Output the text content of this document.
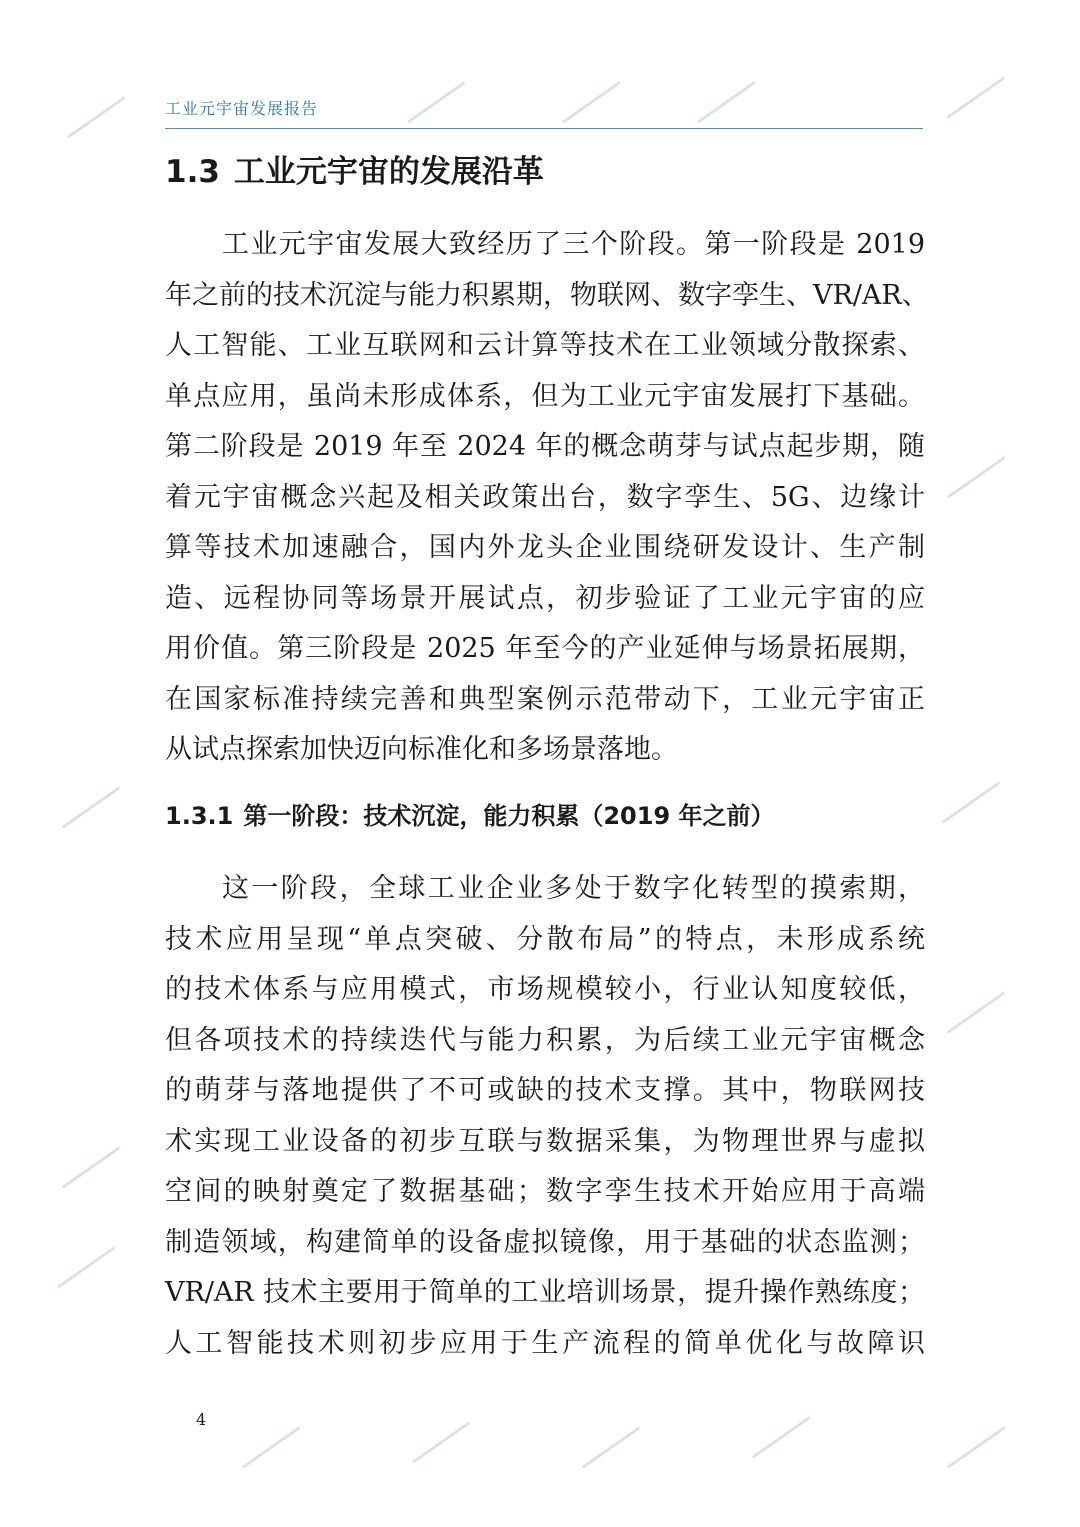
工业元宇宙发展报告
1.3 工业元宇宙的发展沿革
工业元宇宙发展大致经历了三个阶段。第一阶段是 2019
年之前的技术沉淀与能力积累期，物联网、数字孪生、VR/AR、
人工智能、工业互联网和云计算等技术在工业领域分散探索、
单点应用，虽尚未形成体系，但为工业元宇宙发展打下基础。
第二阶段是 2019 年至 2024 年的概念萌芽与试点起步期，随
着元宇宙概念兴起及相关政策出台，数字孪生、5G、边缘计
算等技术加速融合，国内外龙头企业围绕研发设计、生产制
造、远程协同等场景开展试点，初步验证了工业元宇宙的应
用价值。第三阶段是 2025 年至今的产业延伸与场景拓展期，
在国家标准持续完善和典型案例示范带动下，工业元宇宙正
从试点探索加快迈向标准化和多场景落地。
1.3.1 第一阶段：技术沉淀，能力积累（2019 年之前）
这一阶段，全球工业企业多处于数字化转型的摸索期，
技术应用呈现“单点突破、分散布局”的特点，未形成系统
的技术体系与应用模式，市场规模较小，行业认知度较低，
但各项技术的持续迭代与能力积累，为后续工业元宇宙概念
的萌芽与落地提供了不可或缺的技术支撑。其中，物联网技
术实现工业设备的初步互联与数据采集，为物理世界与虚拟
空间的映射奠定了数据基础；数字孪生技术开始应用于高端
制造领域，构建简单的设备虚拟镜像，用于基础的状态监测；
VR/AR 技术主要用于简单的工业培训场景，提升操作熟练度；
人工智能技术则初步应用于生产流程的简单优化与故障识
4
▂▂▂▂▂▂▂▂▂▂	▂▂▂▂▂▂▂▂▂▂	▂▂▂▂▂▂▂▂▂▂
▂▂▂▂▂▂▂▂▂▂	▂▂▂▂▂▂▂▂▂▂
▂▂▂▂▂▂▂▂▂▂
▂▂▂▂▂▂▂▂▂▂
▂▂▂▂▂▂▂▂▂▂
▂▂▂▂▂▂▂▂▂▂
▂▂▂▂▂▂▂▂▂▂
▂▂▂▂▂▂▂▂▂▂
▂▂▂▂▂▂▂▂▂▂
▂▂▂▂▂▂▂▂▂▂	▂▂▂▂▂▂▂▂▂▂	▂▂▂▂▂▂▂▂▂▂	▂▂▂▂▂▂▂▂▂▂
